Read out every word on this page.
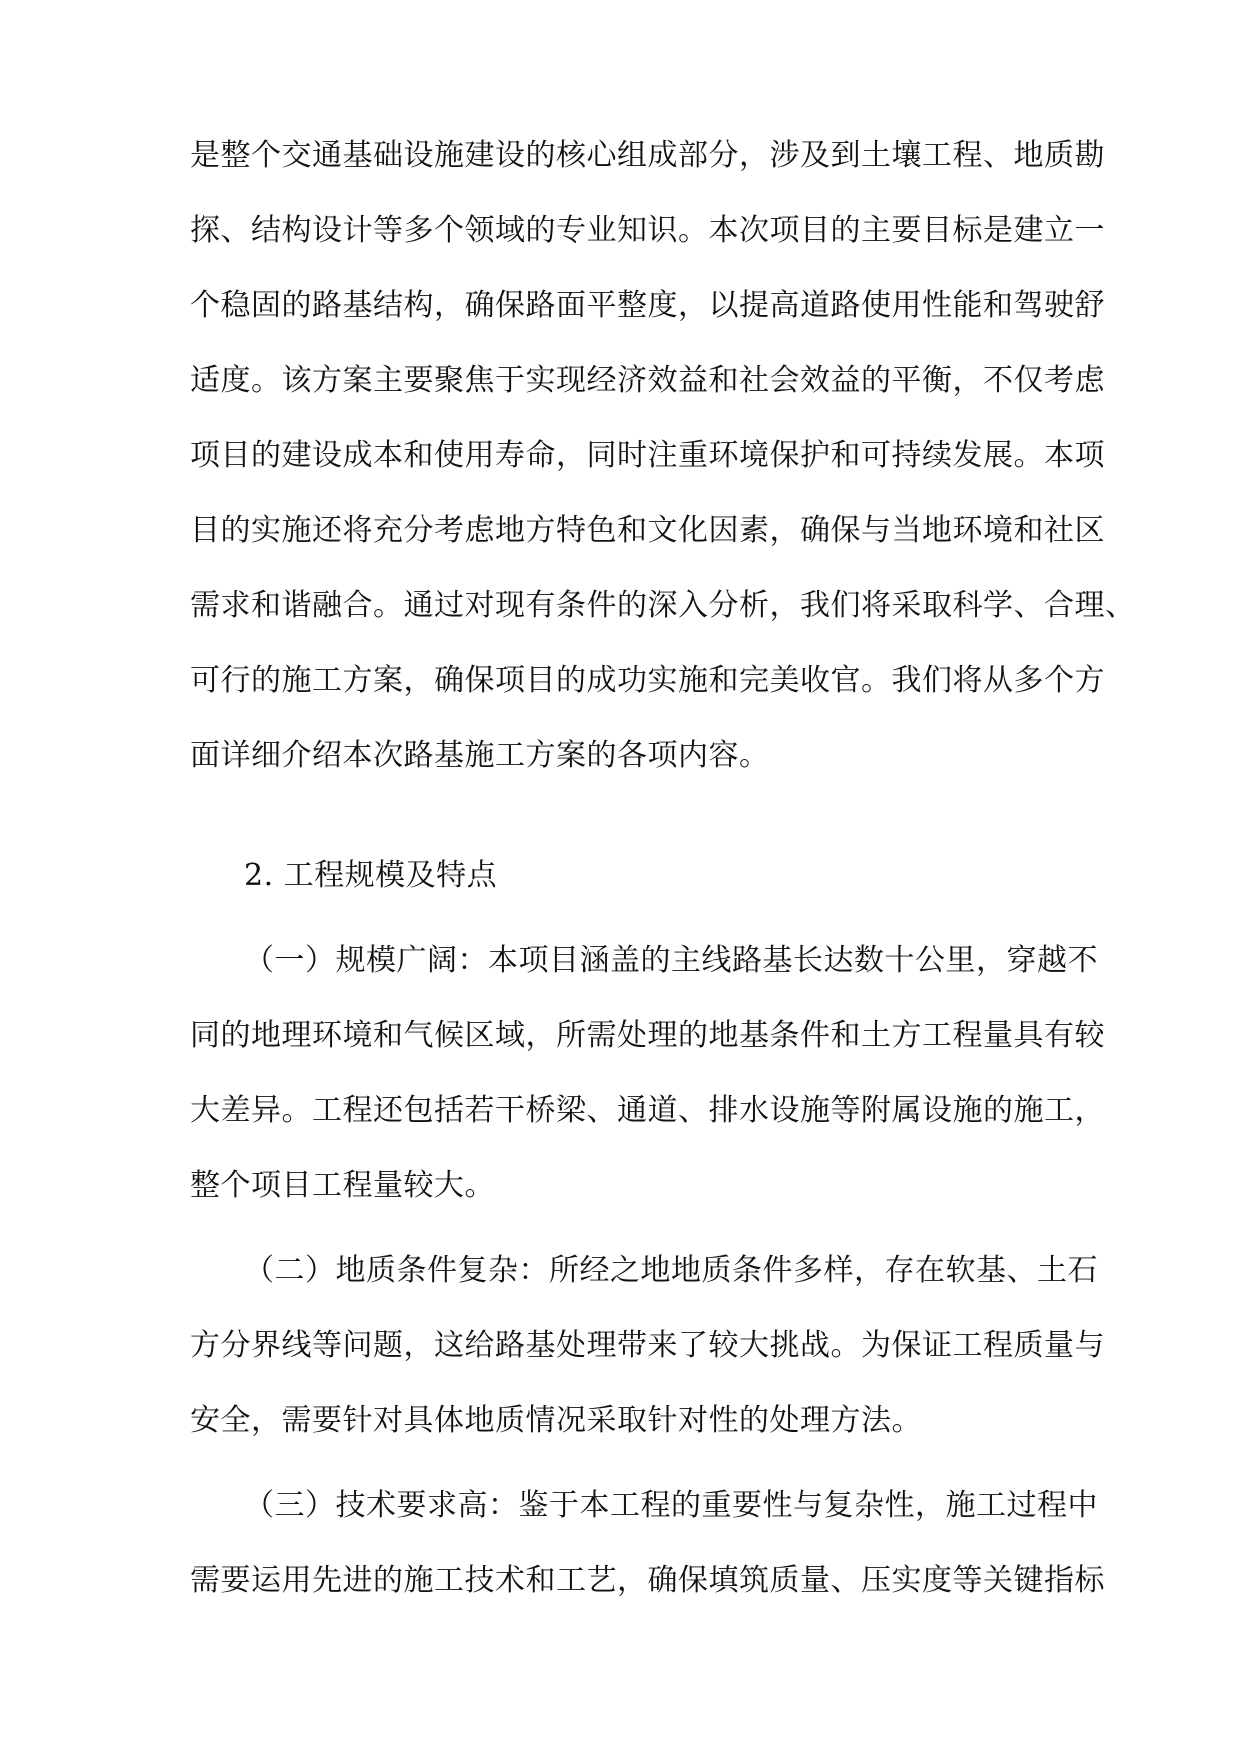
是整个交通基础设施建设的核心组成部分，涉及到土壤工程、地质勘
探、结构设计等多个领域的专业知识。本次项目的主要目标是建立一
个稳固的路基结构，确保路面平整度，以提高道路使用性能和驾驶舒
适度。该方案主要聚焦于实现经济效益和社会效益的平衡，不仅考虑
项目的建设成本和使用寿命，同时注重环境保护和可持续发展。本项
目的实施还将充分考虑地方特色和文化因素，确保与当地环境和社区
需求和谐融合。通过对现有条件的深入分析，我们将采取科学、合理、
可行的施工方案，确保项目的成功实施和完美收官。我们将从多个方
面详细介绍本次路基施工方案的各项内容。
2. 工程规模及特点
（一）规模广阔：本项目涵盖的主线路基长达数十公里，穿越不
同的地理环境和气候区域，所需处理的地基条件和土方工程量具有较
大差异。工程还包括若干桥梁、通道、排水设施等附属设施的施工，
整个项目工程量较大。
（二）地质条件复杂：所经之地地质条件多样，存在软基、土石
方分界线等问题，这给路基处理带来了较大挑战。为保证工程质量与
安全，需要针对具体地质情况采取针对性的处理方法。
（三）技术要求高：鉴于本工程的重要性与复杂性，施工过程中
需要运用先进的施工技术和工艺，确保填筑质量、压实度等关键指标
